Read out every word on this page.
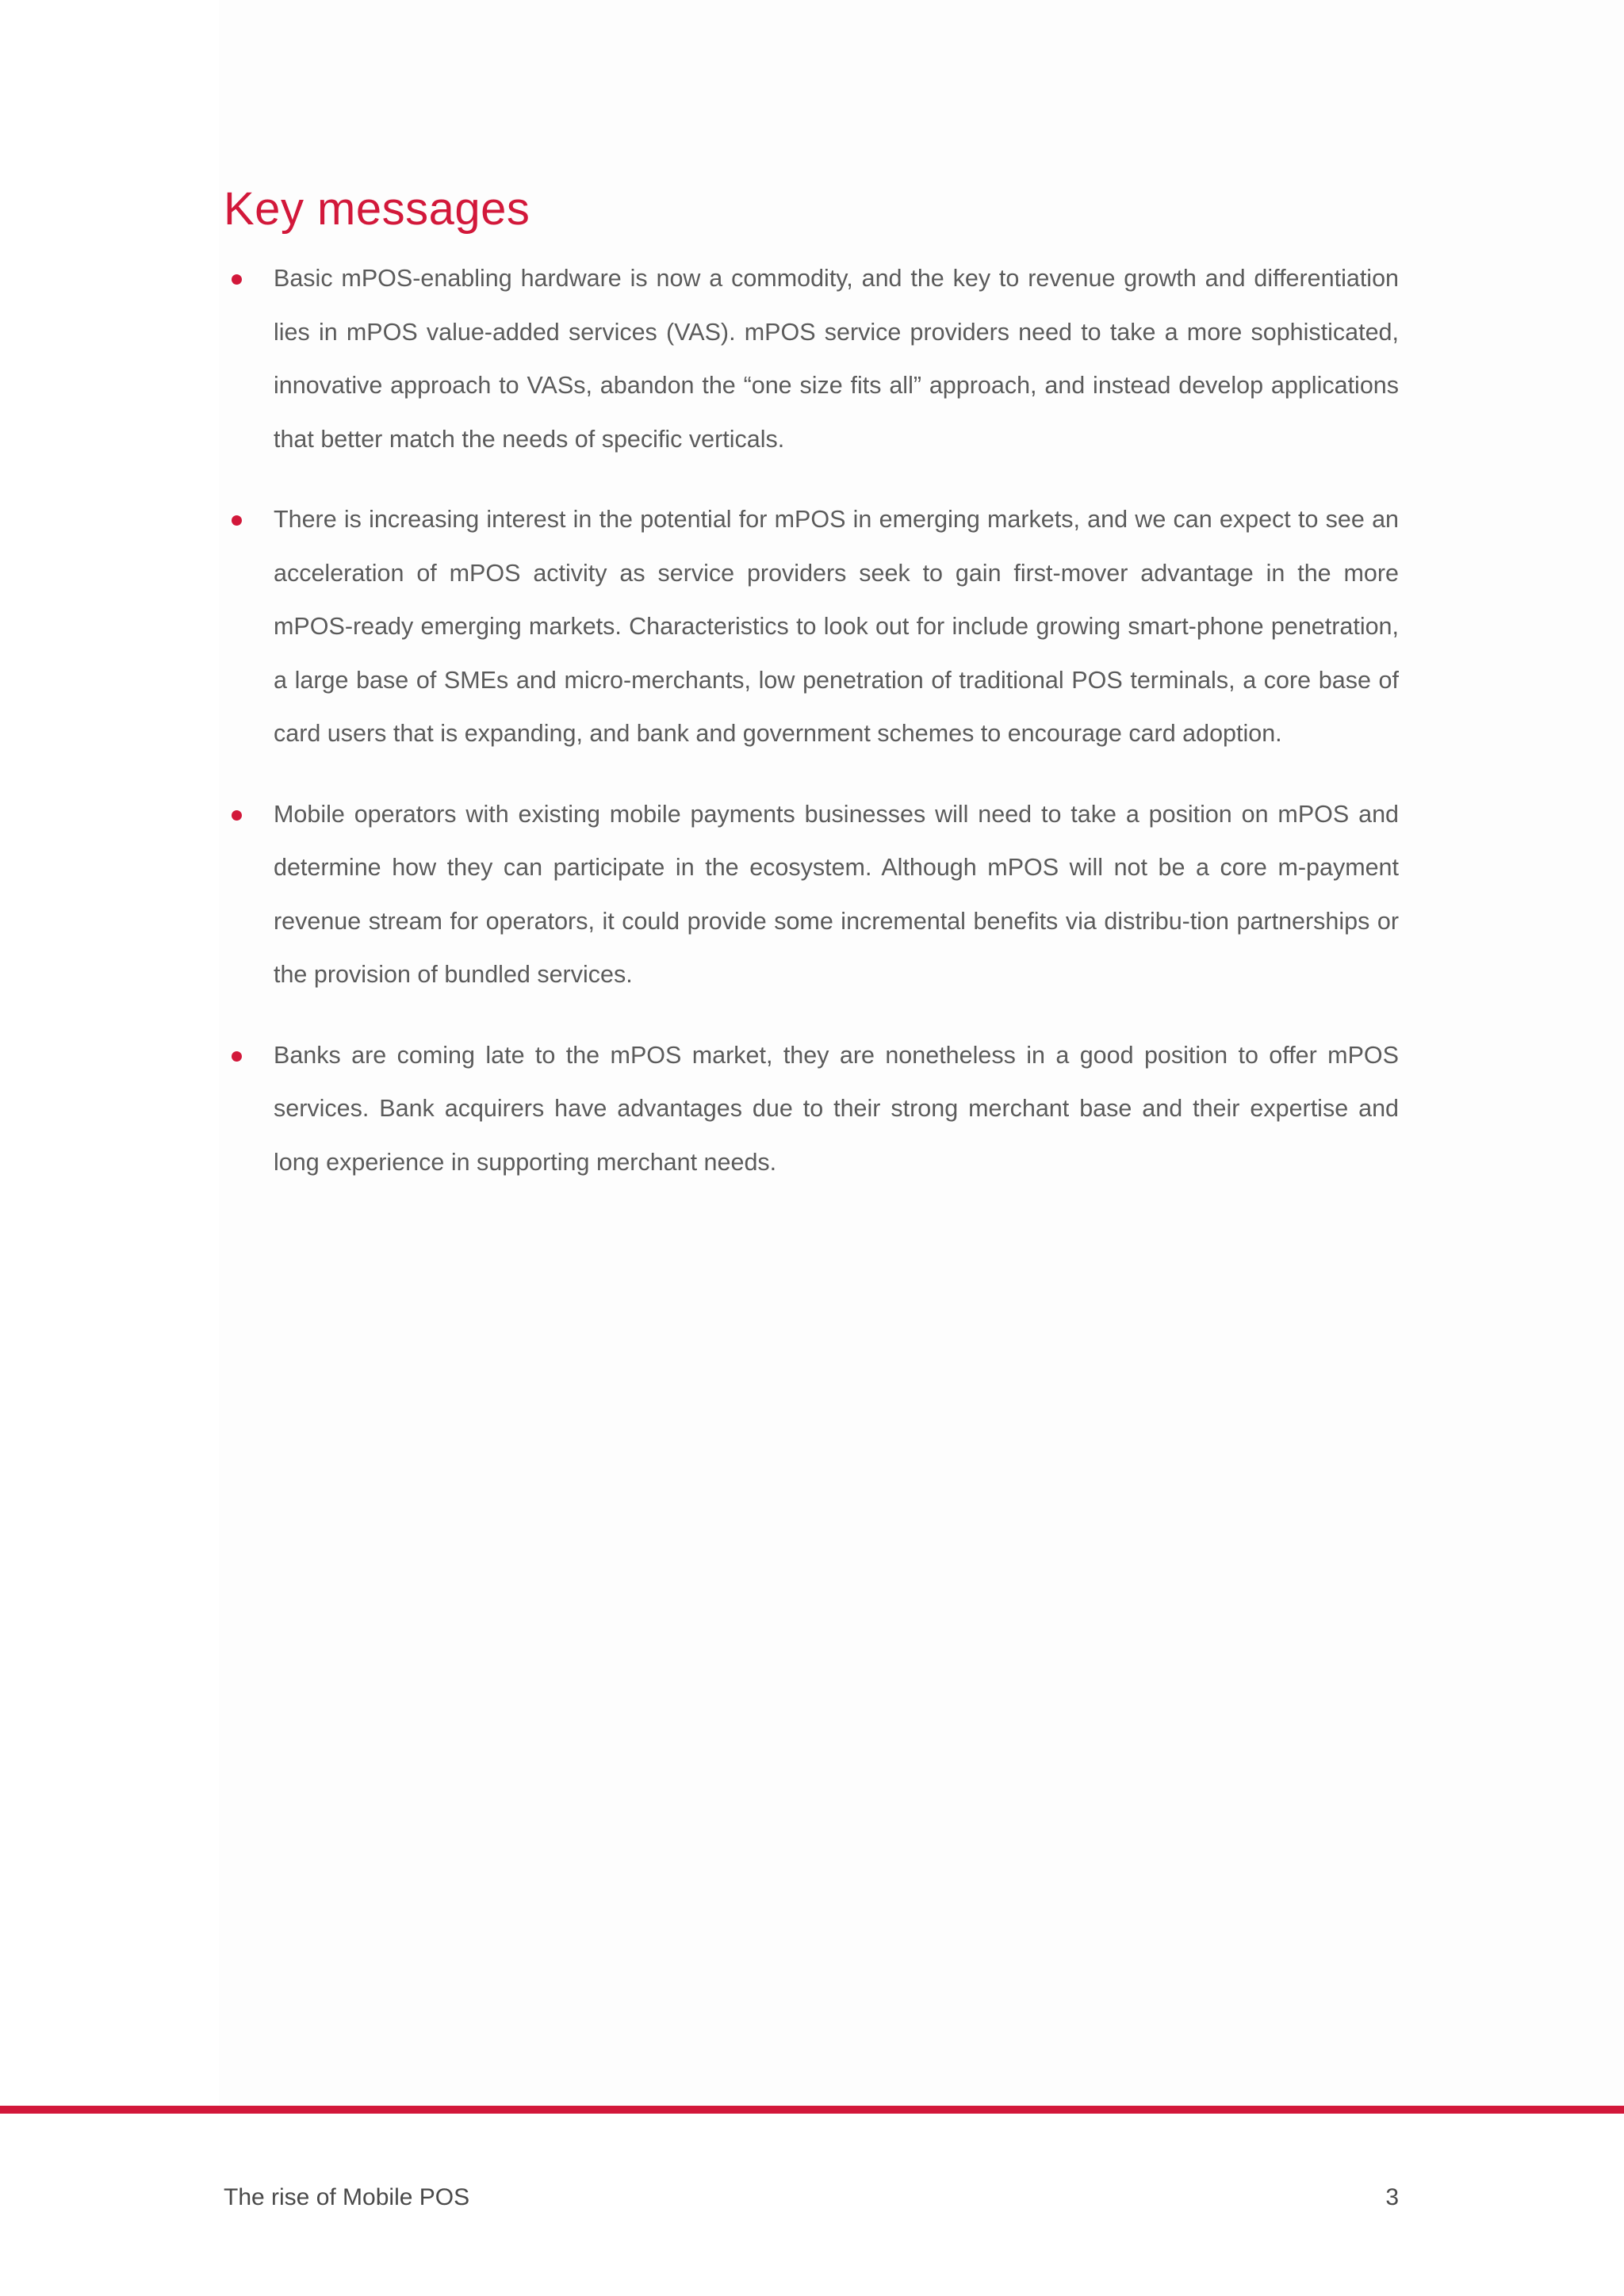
Key messages
Basic mPOS-enabling hardware is now a commodity, and the key to revenue growth and differentiation lies in mPOS value-added services (VAS). mPOS service providers need to take a more sophisticated, innovative approach to VASs, abandon the “one size fits all” approach, and instead develop applications that better match the needs of specific verticals.
There is increasing interest in the potential for mPOS in emerging markets, and we can expect to see an acceleration of mPOS activity as service providers seek to gain first-mover advantage in the more mPOS-ready emerging markets. Characteristics to look out for include growing smart-phone penetration, a large base of SMEs and micro-merchants, low penetration of traditional POS terminals, a core base of card users that is expanding, and bank and government schemes to encourage card adoption.
Mobile operators with existing mobile payments businesses will need to take a position on mPOS and determine how they can participate in the ecosystem. Although mPOS will not be a core m-payment revenue stream for operators, it could provide some incremental benefits via distribu-tion partnerships or the provision of bundled services.
Banks are coming late to the mPOS market, they are nonetheless in a good position to offer mPOS services. Bank acquirers have advantages due to their strong merchant base and their expertise and long experience in supporting merchant needs.
The rise of Mobile POS	3
